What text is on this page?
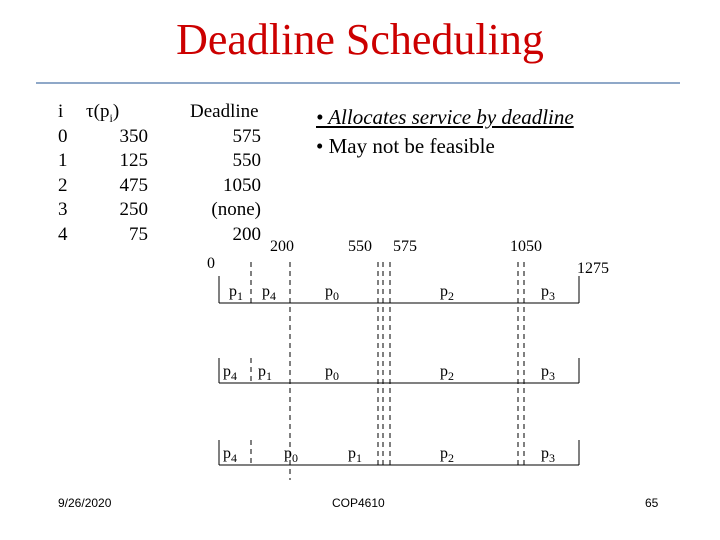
Deadline Scheduling
i $\tau(p_i)$	Deadline
0	350	575
1	125	550
2	475	1050
3	250	(none)
4	75	200
• Allocates service by deadline
• May not be feasible
200	550 575	1050
0	1275
$p_1$ $p_4$	$p_0$	$p_2$	$p_3$
$p_4$ $p_1$	$p_0$	$p_2$	$p_3$
$p_4$	$p_0$	$p_1$	$p_2$	$p_3$
9/26/2020	COP4610	65
